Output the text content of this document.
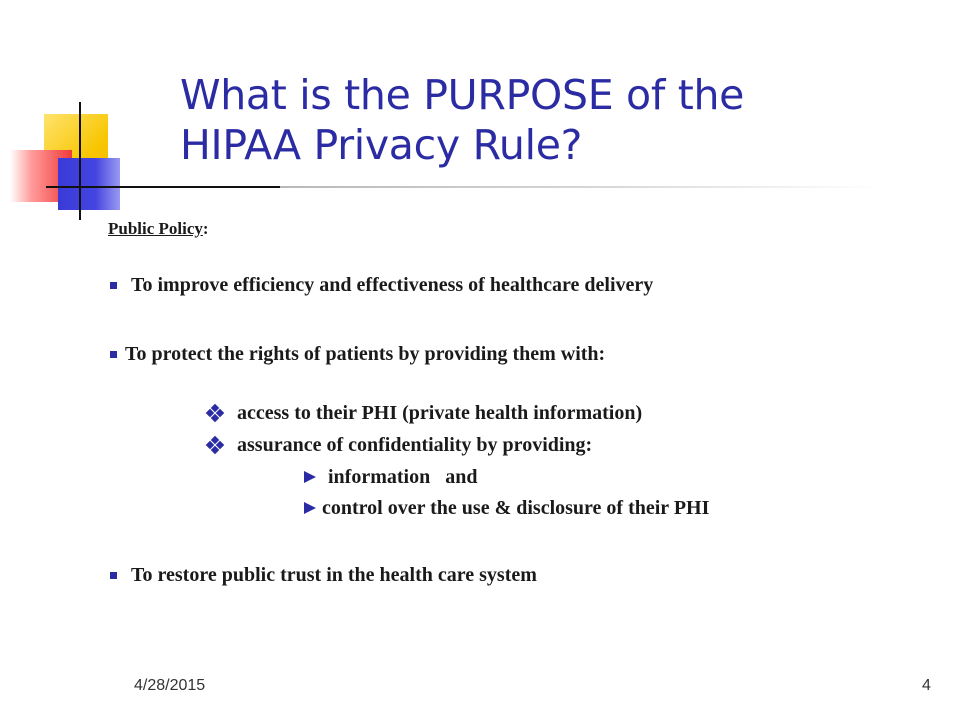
What is the PURPOSE of the
HIPAA Privacy Rule?
Public Policy:
To improve efficiency and effectiveness of healthcare delivery
To protect the rights of patients by providing them with:
access to their PHI (private health information)
assurance of confidentiality by providing:
information   and
control over the use & disclosure of their PHI
To restore public trust in the health care system
4/28/2015	4
